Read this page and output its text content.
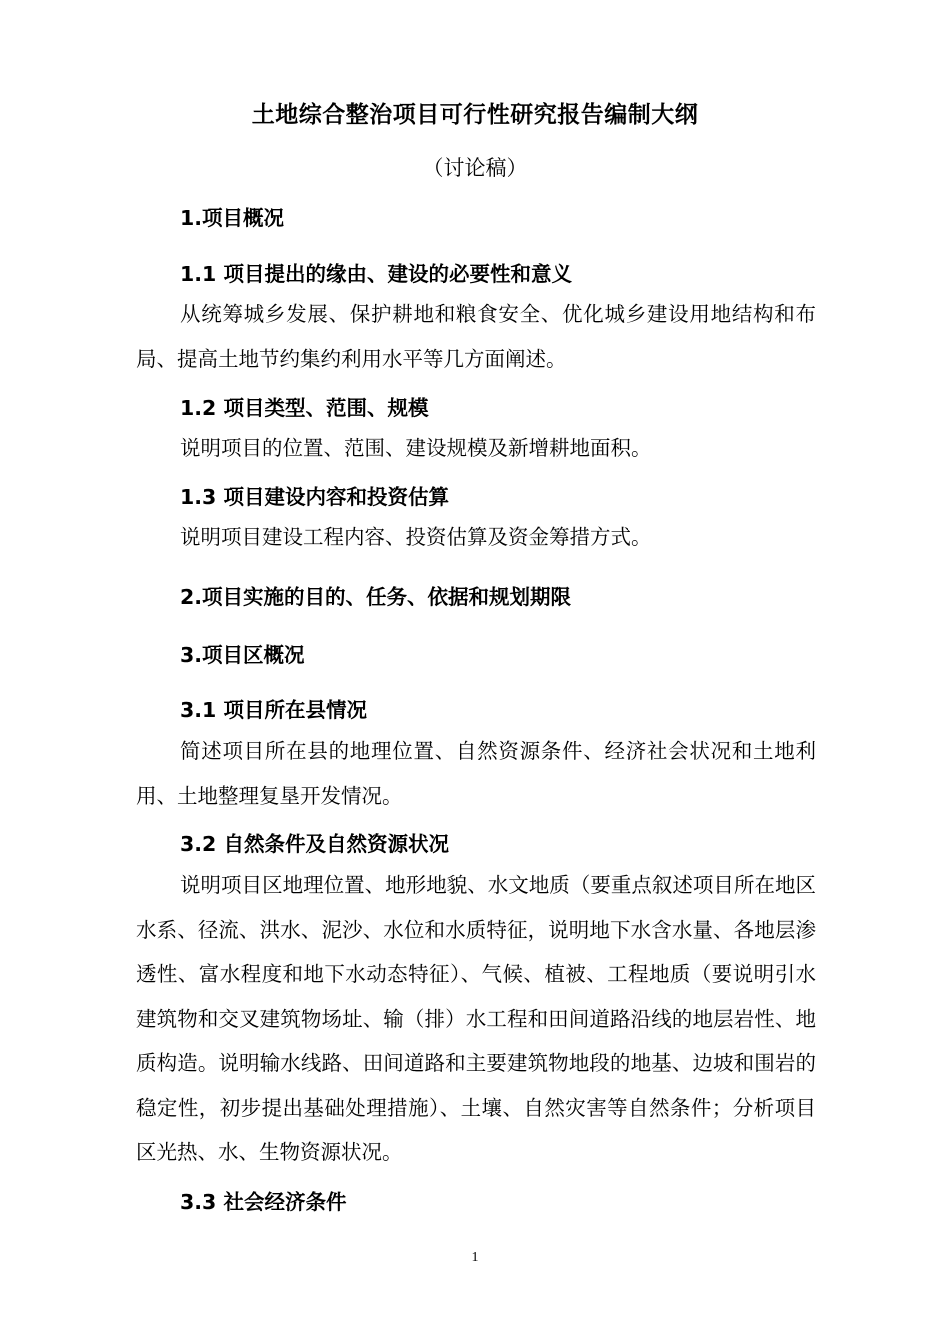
土地综合整治项目可行性研究报告编制大纲
（讨论稿）
1.项目概况
1.1 项目提出的缘由、建设的必要性和意义
从统筹城乡发展、保护耕地和粮食安全、优化城乡建设用地结构和布局、提高土地节约集约利用水平等几方面阐述。
1.2 项目类型、范围、规模
说明项目的位置、范围、建设规模及新增耕地面积。
1.3 项目建设内容和投资估算
说明项目建设工程内容、投资估算及资金筹措方式。
2.项目实施的目的、任务、依据和规划期限
3.项目区概况
3.1 项目所在县情况
简述项目所在县的地理位置、自然资源条件、经济社会状况和土地利用、土地整理复垦开发情况。
3.2 自然条件及自然资源状况
说明项目区地理位置、地形地貌、水文地质（要重点叙述项目所在地区水系、径流、洪水、泥沙、水位和水质特征，说明地下水含水量、各地层渗透性、富水程度和地下水动态特征）、气候、植被、工程地质（要说明引水建筑物和交叉建筑物场址、输（排）水工程和田间道路沿线的地层岩性、地质构造。说明输水线路、田间道路和主要建筑物地段的地基、边坡和围岩的稳定性，初步提出基础处理措施）、土壤、自然灾害等自然条件；分析项目区光热、水、生物资源状况。
3.3 社会经济条件
1
